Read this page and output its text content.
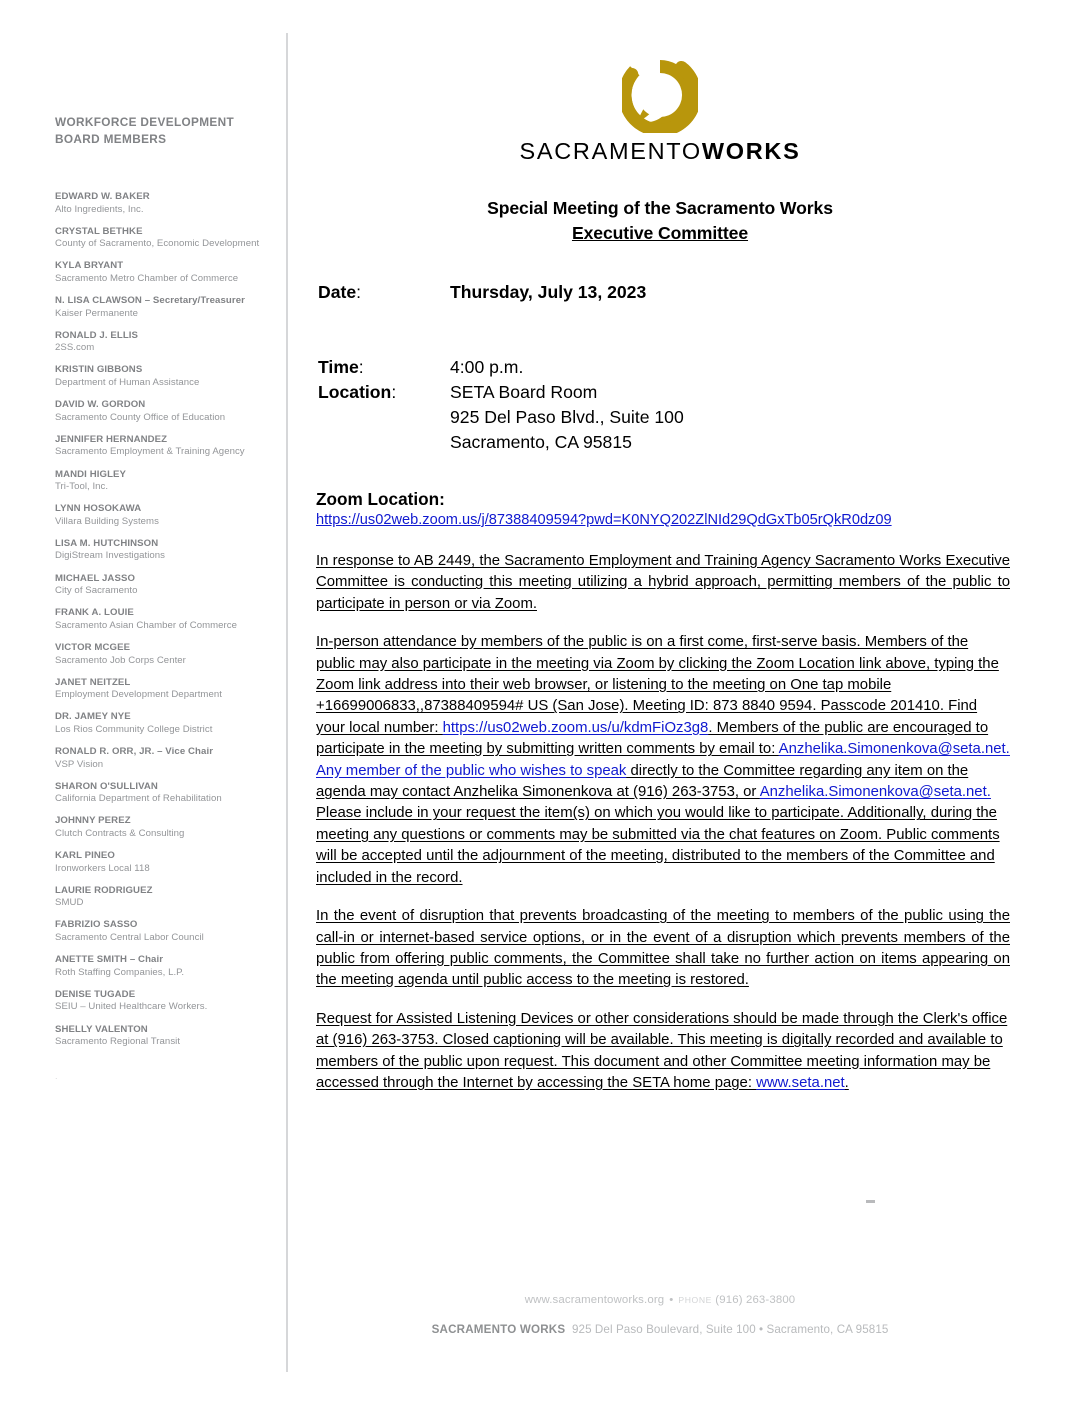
WORKFORCE DEVELOPMENT BOARD MEMBERS
EDWARD W. BAKER
Alto Ingredients, Inc.
CRYSTAL BETHKE
County of Sacramento, Economic Development
KYLA BRYANT
Sacramento Metro Chamber of Commerce
N. LISA CLAWSON – Secretary/Treasurer
Kaiser Permanente
RONALD J. ELLIS
2SS.com
KRISTIN GIBBONS
Department of Human Assistance
DAVID W. GORDON
Sacramento County Office of Education
JENNIFER HERNANDEZ
Sacramento Employment & Training Agency
MANDI HIGLEY
Tri-Tool, Inc.
LYNN HOSOKAWA
Villara Building Systems
LISA M. HUTCHINSON
DigiStream Investigations
MICHAEL JASSO
City of Sacramento
FRANK A. LOUIE
Sacramento Asian Chamber of Commerce
VICTOR MCGEE
Sacramento Job Corps Center
JANET NEITZEL
Employment Development Department
DR. JAMEY NYE
Los Rios Community College District
RONALD R. ORR, JR. – Vice Chair
VSP Vision
SHARON O'SULLIVAN
California Department of Rehabilitation
JOHNNY PEREZ
Clutch Contracts & Consulting
KARL PINEO
Ironworkers Local 118
LAURIE RODRIGUEZ
SMUD
FABRIZIO SASSO
Sacramento Central Labor Council
ANETTE SMITH – Chair
Roth Staffing Companies, L.P.
DENISE TUGADE
SEIU – United Healthcare Workers.
SHELLY VALENTON
Sacramento Regional Transit
.
SACRAMENTOWORKS
Special Meeting of the Sacramento Works
Executive Committee
Date:	Thursday, July 13, 2023
Time:	4:00 p.m.
Location:	SETA Board Room
925 Del Paso Blvd., Suite 100
Sacramento, CA 95815
Zoom Location:
https://us02web.zoom.us/j/87388409594?pwd=K0NYQ202ZlNId29QdGxTb05rQkR0dz09

In response to AB 2449, the Sacramento Employment and Training Agency Sacramento Works Executive Committee is conducting this meeting utilizing a hybrid approach, permitting members of the public to participate in person or via Zoom.

In-person attendance by members of the public is on a first come, first-serve basis. Members of the public may also participate in the meeting via Zoom by clicking the Zoom Location link above, typing the Zoom link address into their web browser, or listening to the meeting on One tap mobile +16699006833,,87388409594# US (San Jose). Meeting ID: 873 8840 9594. Passcode 201410. Find your local number: https://us02web.zoom.us/u/kdmFiOz3g8. Members of the public are encouraged to participate in the meeting by submitting written comments by email to: Anzhelika.Simonenkova@seta.net. Any member of the public who wishes to speak directly to the Committee regarding any item on the agenda may contact Anzhelika Simonenkova at (916) 263-3753, or Anzhelika.Simonenkova@seta.net. Please include in your request the item(s) on which you would like to participate. Additionally, during the meeting any questions or comments may be submitted via the chat features on Zoom. Public comments will be accepted until the adjournment of the meeting, distributed to the members of the Committee and included in the record.

In the event of disruption that prevents broadcasting of the meeting to members of the public using the call-in or internet-based service options, or in the event of a disruption which prevents members of the public from offering public comments, the Committee shall take no further action on items appearing on the meeting agenda until public access to the meeting is restored.

Request for Assisted Listening Devices or other considerations should be made through the Clerk's office at (916) 263-3753. Closed captioning will be available. This meeting is digitally recorded and available to members of the public upon request. This document and other Committee meeting information may be accessed through the Internet by accessing the SETA home page: www.seta.net.

www.sacramentoworks.org • PHONE (916) 263-3800
SACRAMENTO WORKS 925 Del Paso Boulevard, Suite 100 • Sacramento, CA 95815
